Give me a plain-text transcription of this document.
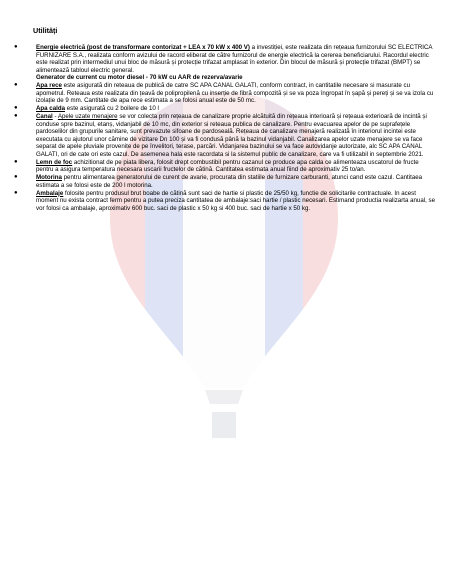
Utilități

●	Energie electrică (post de transformare contorizat + LEA x 70 kW x 400 V) a investiției, este realizata din rețeaua furnizorului SC ELECTRICA FURNIZARE S.A., realizata conform avizului de racord eliberat de către furnizorul de energie electrică la cererea beneficiarului. Racordul electric este realizat prin intermediul unui bloc de măsură și protecție trifazat amplasat în exterior. Din blocul de măsură și protecție trifazat (BMPT) se alimentează tabloul electric general.

Generator de current cu motor diesel - 70 kW cu AAR de rezerva/avarie

●	Apa rece este asigurată din reteaua de publică de catre SC APA CANAL GALATI, conform contract, in cantitatile necesare si masurate cu apometrul. Reteaua este realizata din țeavă de polipropilenă cu inserție de fibră compozită și se va poza îngropat în șapă și pereți și se va izola cu izolație de 9 mm. Cantitate de apa rece estimata a se folosi anual este de 50 mc.
●	Apa calda este asigurată cu 2 boilere de 10 l
●	Canal - Apele uzate menajere se vor colecta prin rețeaua de canalizare proprie alcătuită din rețeaua interioară și rețeaua exterioară de incintă și conduse spre bazinul, etanș, vidanjabil de 10 mc, din exterior si reteaua publica de canalizare. Pentru evacuarea apelor de pe suprafețele pardoselilor din grupurile sanitare, sunt prevazute sifoane de pardoseală. Rețeaua de canalizare menajeră realizată în interiorul incintei este executata cu ajutorul unor cămine de vizitare Dn 100 și va fi condusă până la bazinul vidanjabil. Canalizarea apelor uzate menajere se va face separat de apele pluviale provenite de pe învelitori, terase, parcări. Vidanjarea bazinului se va face autovidanje autorizate, alc SC APA CANAL GALATI, ori de cate ori este cazul. De asemenea hala este racordata si la sistemul public de canalizare, care va fi utilizabil in septembrie 2021.
●	Lemn de foc achizitionat de pe piata libera, folosit drept combustibil pentru cazanul ce produce apa calda ce alimenteaza uscatorul de fructe pentru a asigura temperatura necesara uscarii fructelor de cătină. Cantitatea estimata anual fiind de aproximativ 25 to/an.
●	Motorina pentru alimentarea generatorului de curent de avarie, procurata din statiile de furnizare carburanti, atunci cand este cazul. Cantitaea estimata a se folosi este de 200 l motorina.
●	Ambalaje folosite pentru produsul brut boabe de cătină sunt saci de hartie si plastic de 25/50 kg, functie de solicitarile contractuale. In acest moment nu exista contract ferm pentru a putea preciza cantitatea de ambalaje:saci hartie / plastic necesari. Estimand productia realizarta anual, se vor folosi ca ambalaje, aproximativ 600 buc. saci de plastic x 50 kg si 400 buc. saci de hartie x 50 kg.
